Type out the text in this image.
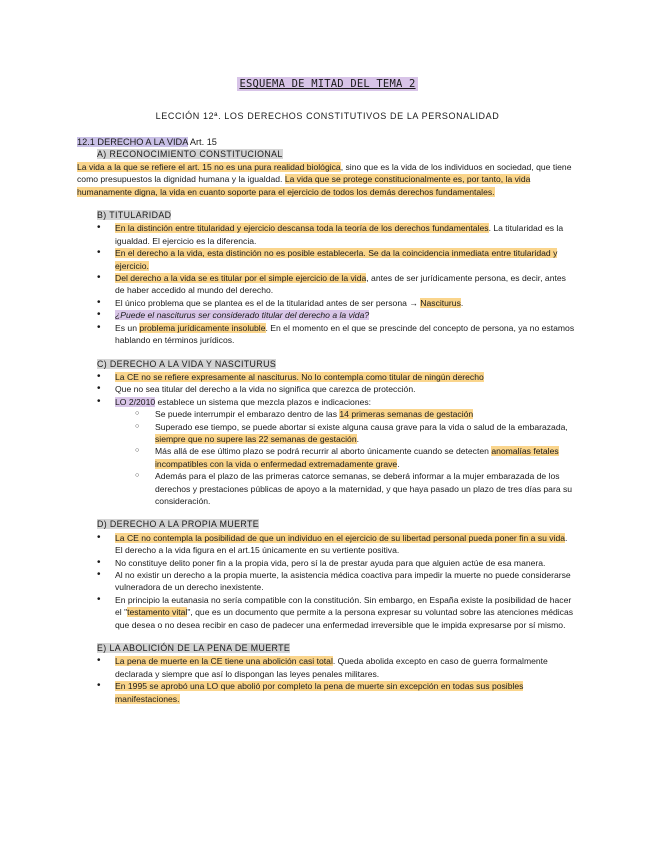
ESQUEMA DE MITAD DEL TEMA 2
LECCIÓN 12ª. LOS DERECHOS CONSTITUTIVOS DE LA PERSONALIDAD
12.1 DERECHO A LA VIDA Art. 15
A) RECONOCIMIENTO CONSTITUCIONAL

La vida a la que se refiere el art. 15 no es una pura realidad biológica, sino que es la vida de los individuos en sociedad, que tiene como presupuestos la dignidad humana y la igualdad. La vida que se protege constitucionalmente es, por tanto, la vida humanamente digna, la vida en cuanto soporte para el ejercicio de todos los demás derechos fundamentales.

B) TITULARIDAD
• En la distinción entre titularidad y ejercicio descansa toda la teoría de los derechos fundamentales. La titularidad es la igualdad. El ejercicio es la diferencia.
• En el derecho a la vida, esta distinción no es posible establecerla. Se da la coincidencia inmediata entre titularidad y ejercicio.
• Del derecho a la vida se es titular por el simple ejercicio de la vida, antes de ser jurídicamente persona, es decir, antes de haber accedido al mundo del derecho.
• El único problema que se plantea es el de la titularidad antes de ser persona → Nasciturus.
• ¿Puede el nasciturus ser considerado titular del derecho a la vida?
• Es un problema jurídicamente insoluble. En el momento en el que se prescinde del concepto de persona, ya no estamos hablando en términos jurídicos.
C) DERECHO A LA VIDA Y NASCITURUS
• La CE no se refiere expresamente al nasciturus. No lo contempla como titular de ningún derecho
• Que no sea titular del derecho a la vida no significa que carezca de protección.
• LO 2/2010 establece un sistema que mezcla plazos e indicaciones:
○ Se puede interrumpir el embarazo dentro de las 14 primeras semanas de gestación
○ Superado ese tiempo, se puede abortar si existe alguna causa grave para la vida o salud de la embarazada, siempre que no supere las 22 semanas de gestación.
○ Más allá de ese último plazo se podrá recurrir al aborto únicamente cuando se detecten anomalías fetales incompatibles con la vida o enfermedad extremadamente grave.
○ Además para el plazo de las primeras catorce semanas, se deberá informar a la mujer embarazada de los derechos y prestaciones públicas de apoyo a la maternidad, y que haya pasado un plazo de tres días para su consideración.
D) DERECHO A LA PROPIA MUERTE
• La CE no contempla la posibilidad de que un individuo en el ejercicio de su libertad personal pueda poner fin a su vida. El derecho a la vida figura en el art.15 únicamente en su vertiente positiva.
• No constituye delito poner fin a la propia vida, pero sí la de prestar ayuda para que alguien actúe de esa manera.
• Al no existir un derecho a la propia muerte, la asistencia médica coactiva para impedir la muerte no puede considerarse vulneradora de un derecho inexistente.
• En principio la eutanasia no sería compatible con la constitución. Sin embargo, en España existe la posibilidad de hacer el "testamento vital", que es un documento que permite a la persona expresar su voluntad sobre las atenciones médicas que desea o no desea recibir en caso de padecer una enfermedad irreversible que le impida expresarse por sí mismo.
E) LA ABOLICIÓN DE LA PENA DE MUERTE
• La pena de muerte en la CE tiene una abolición casi total. Queda abolida excepto en caso de guerra formalmente declarada y siempre que así lo dispongan las leyes penales militares.
• En 1995 se aprobó una LO que abolió por completo la pena de muerte sin excepción en todas sus posibles manifestaciones.
